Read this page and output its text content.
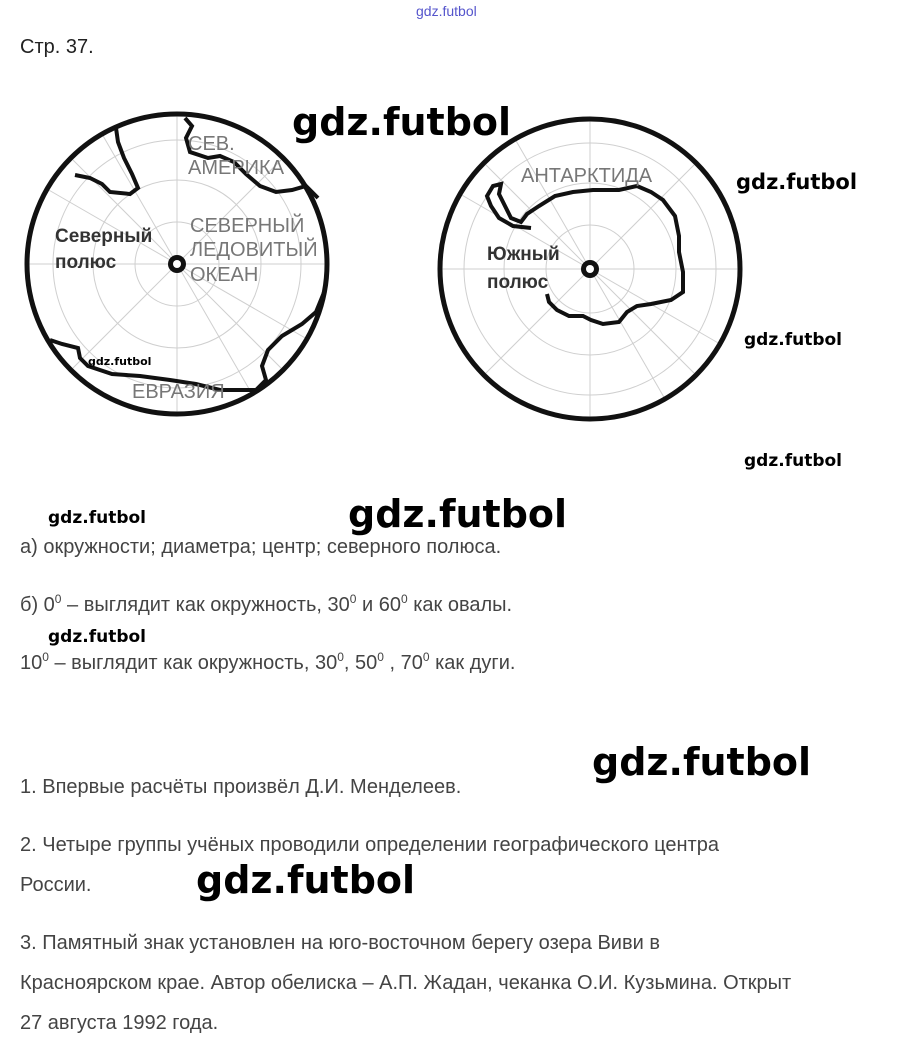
gdz.futbol
Стр. 37.
СЕВ.
АМЕРИКА
СЕВЕРНЫЙ
ЛЕДОВИТЫЙ
ОКЕАН
Северный
полюс
ЕВРАЗИЯ
АНТАРКТИДА
Южный
полюс
gdz.futbol
gdz.futbol
gdz.futbol
gdz.futbol
gdz.futbol
gdz.futbol	gdz.futbol
gdz.futbol
gdz.futbol
gdz.futbol
а) окружности; диаметра; центр; северного полюса.
б) $0^0$ – выглядит как окружность, $30^0$ и $60^0$ как овалы.
$10^0$ – выглядит как окружность, $30^0$, $50^0$ , $70^0$ как дуги.
1. Впервые расчёты произвёл Д.И. Менделеев.
2. Четыре группы учёных проводили определении географического центра
России.
3. Памятный знак установлен на юго-восточном берегу озера Виви в
Красноярском крае. Автор обелиска – А.П. Жадан, чеканка О.И. Кузьмина. Открыт
27 августа 1992 года.
